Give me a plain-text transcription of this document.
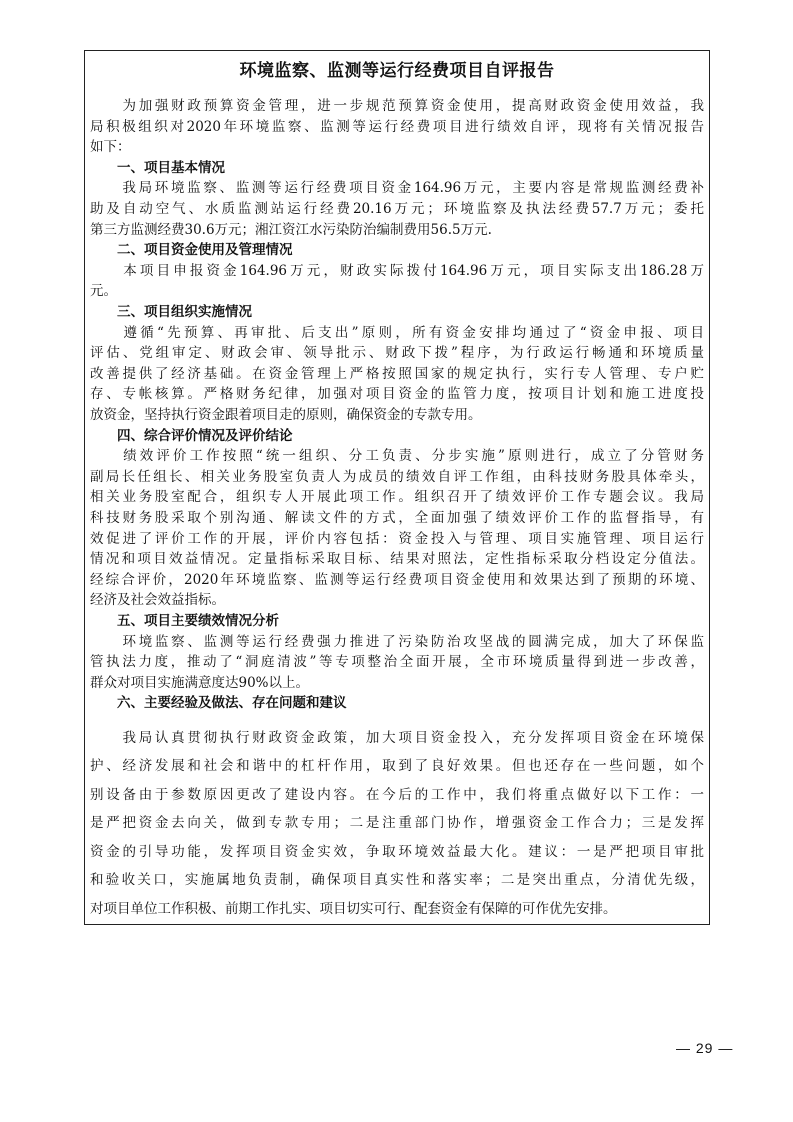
环境监察、监测等运行经费项目自评报告
　　为加强财政预算资金管理，进一步规范预算资金使用，提高财政资金使用效益，我
局积极组织对2020年环境监察、监测等运行经费项目进行绩效自评，现将有关情况报告
如下：
　　一、项目基本情况
　　我局环境监察、监测等运行经费项目资金164.96万元，主要内容是常规监测经费补
助及自动空气、水质监测站运行经费20.16万元；环境监察及执法经费57.7万元；委托
第三方监测经费30.6万元；湘江资江水污染防治编制费用56.5万元.
　　二、项目资金使用及管理情况
　　本项目申报资金164.96万元，财政实际拨付164.96万元，项目实际支出186.28万
元。
　　三、项目组织实施情况
　　遵循“先预算、再审批、后支出”原则，所有资金安排均通过了“资金申报、项目
评估、党组审定、财政会审、领导批示、财政下拨”程序，为行政运行畅通和环境质量
改善提供了经济基础。在资金管理上严格按照国家的规定执行，实行专人管理、专户贮
存、专帐核算。严格财务纪律，加强对项目资金的监管力度，按项目计划和施工进度投
放资金，坚持执行资金跟着项目走的原则，确保资金的专款专用。
　　四、综合评价情况及评价结论
　　绩效评价工作按照“统一组织、分工负责、分步实施”原则进行，成立了分管财务
副局长任组长、相关业务股室负责人为成员的绩效自评工作组，由科技财务股具体牵头，
相关业务股室配合，组织专人开展此项工作。组织召开了绩效评价工作专题会议。我局
科技财务股采取个别沟通、解读文件的方式，全面加强了绩效评价工作的监督指导，有
效促进了评价工作的开展，评价内容包括：资金投入与管理、项目实施管理、项目运行
情况和项目效益情况。定量指标采取目标、结果对照法，定性指标采取分档设定分值法。
经综合评价，2020年环境监察、监测等运行经费项目资金使用和效果达到了预期的环境、
经济及社会效益指标。
　　五、项目主要绩效情况分析
　　环境监察、监测等运行经费强力推进了污染防治攻坚战的圆满完成，加大了环保监
管执法力度，推动了“洞庭清波”等专项整治全面开展，全市环境质量得到进一步改善，
群众对项目实施满意度达90%以上。
　　六、主要经验及做法、存在问题和建议
　　我局认真贯彻执行财政资金政策，加大项目资金投入，充分发挥项目资金在环境保
护、经济发展和社会和谐中的杠杆作用，取到了良好效果。但也还存在一些问题，如个
别设备由于参数原因更改了建设内容。在今后的工作中，我们将重点做好以下工作：一
是严把资金去向关，做到专款专用；二是注重部门协作，增强资金工作合力；三是发挥
资金的引导功能，发挥项目资金实效，争取环境效益最大化。建议：一是严把项目审批
和验收关口，实施属地负责制，确保项目真实性和落实率；二是突出重点，分清优先级，
对项目单位工作积极、前期工作扎实、项目切实可行、配套资金有保障的可作优先安排。
— 29 —
